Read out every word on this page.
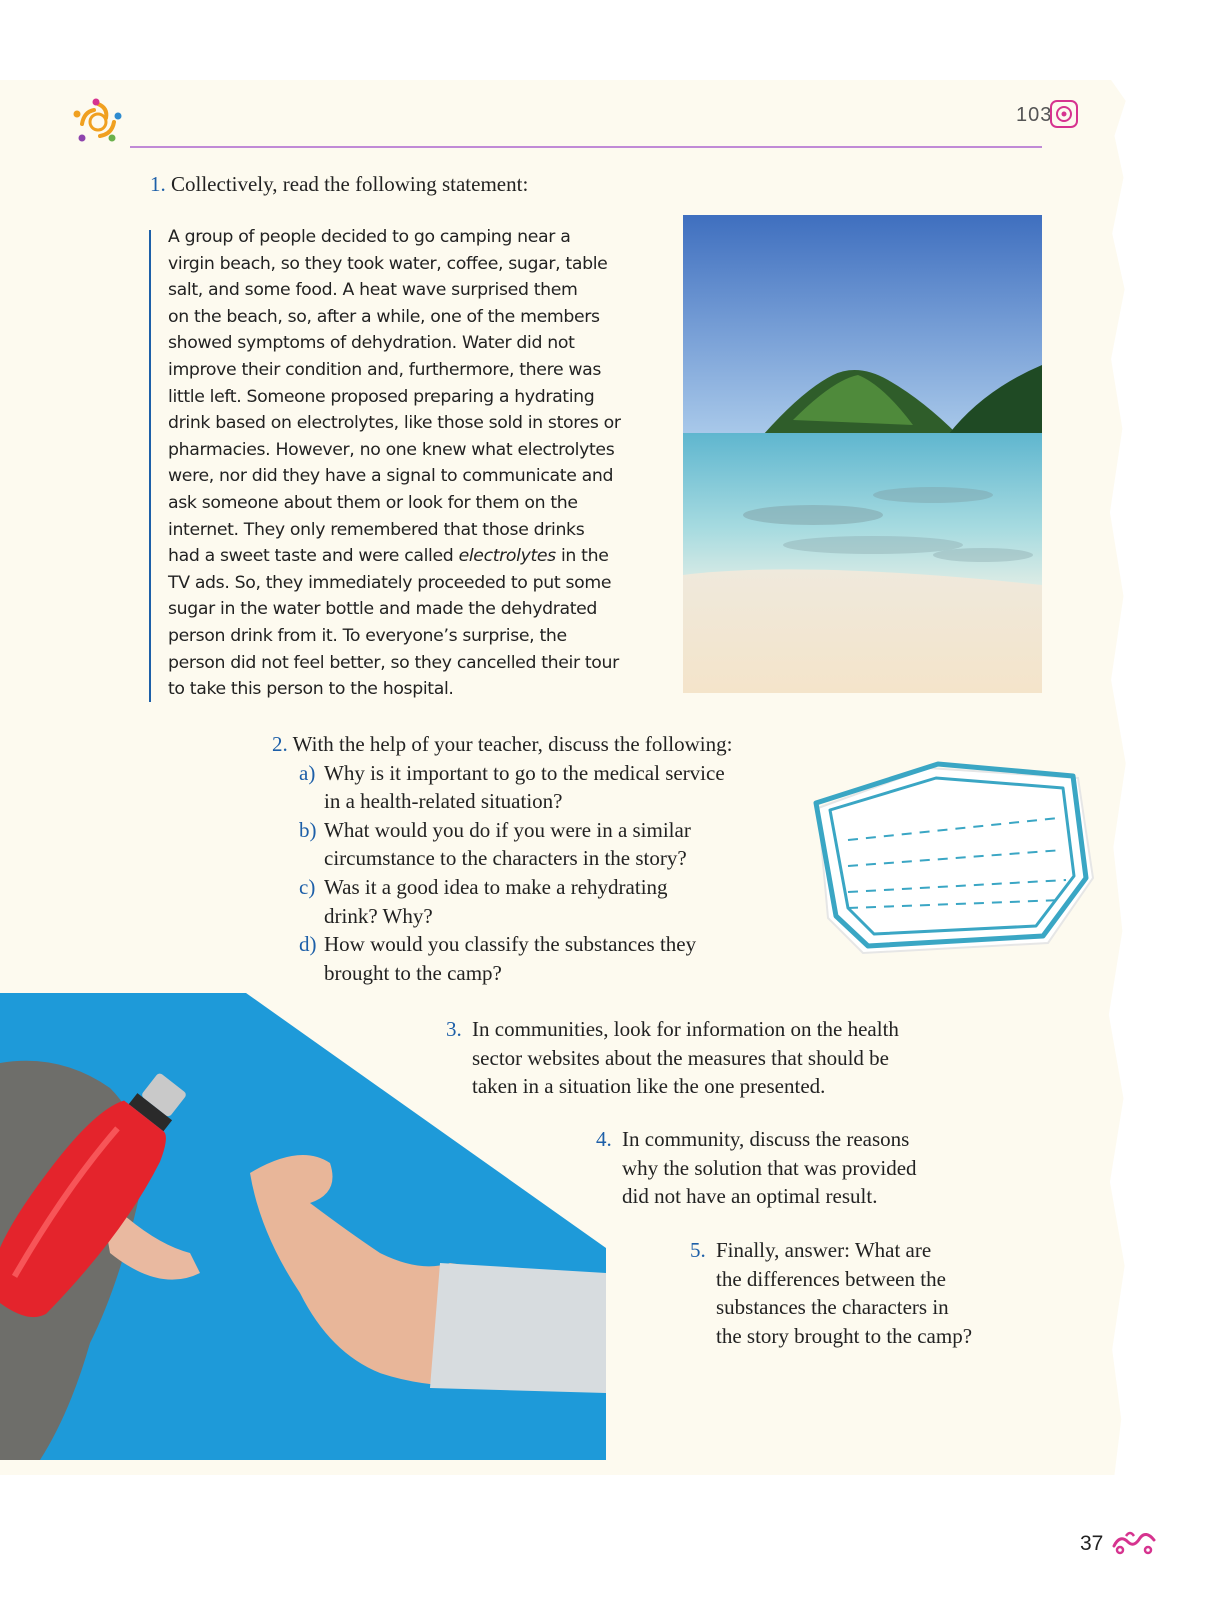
103
1. Collectively, read the following statement:
A group of people decided to go camping near a
virgin beach, so they took water, coffee, sugar, table
salt, and some food. A heat wave surprised them
on the beach, so, after a while, one of the members
showed symptoms of dehydration. Water did not
improve their condition and, furthermore, there was
little left. Someone proposed preparing a hydrating
drink based on electrolytes, like those sold in stores or
pharmacies. However, no one knew what electrolytes
were, nor did they have a signal to communicate and
ask someone about them or look for them on the
internet. They only remembered that those drinks
had a sweet taste and were called electrolytes in the
TV ads. So, they immediately proceeded to put some
sugar in the water bottle and made the dehydrated
person drink from it. To everyone’s surprise, the
person did not feel better, so they cancelled their tour
to take this person to the hospital.
2. With the help of your teacher, discuss the following:
a) Why is it important to go to the medical service
in a health-related situation?
b) What would you do if you were in a similar
circumstance to the characters in the story?
c) Was it a good idea to make a rehydrating
drink? Why?
d) How would you classify the substances they
brought to the camp?
3. In communities, look for information on the health
sector websites about the measures that should be
taken in a situation like the one presented.
4. In community, discuss the reasons
why the solution that was provided
did not have an optimal result.
5. Finally, answer: What are
the differences between the
substances the characters in
the story brought to the camp?
37
